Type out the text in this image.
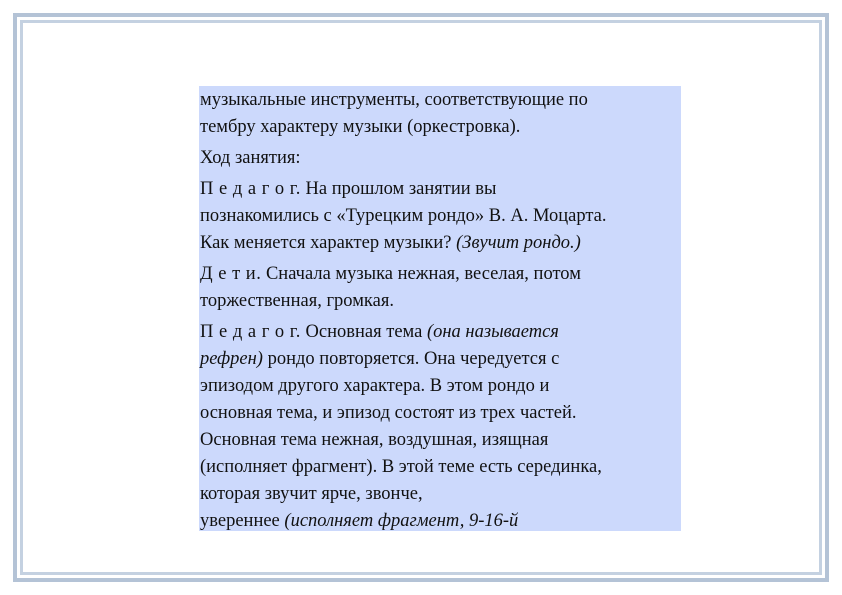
музыкальные инструменты, соответствующие по
тембру характеру музыки (оркестровка).

Ход занятия:

П е д а г о г. На прошлом занятии вы
познакомились с «Турецким рондо» В. А. Моцарта.
Как меняется характер музыки? (Звучит рондо.)

Д е т и. Сначала музыка нежная, веселая, потом
торжественная, громкая.

П е д а г о г. Основная тема (она называется
рефрен) рондо повторяется. Она чередуется с
эпизодом другого характера. В этом рондо и
основная тема, и эпизод состоят из трех частей.
Основная тема нежная, воздушная, изящная
(исполняет фрагмент). В этой теме есть серединка,
которая звучит ярче, звонче,
увереннее (исполняет фрагмент, 9-16-й
